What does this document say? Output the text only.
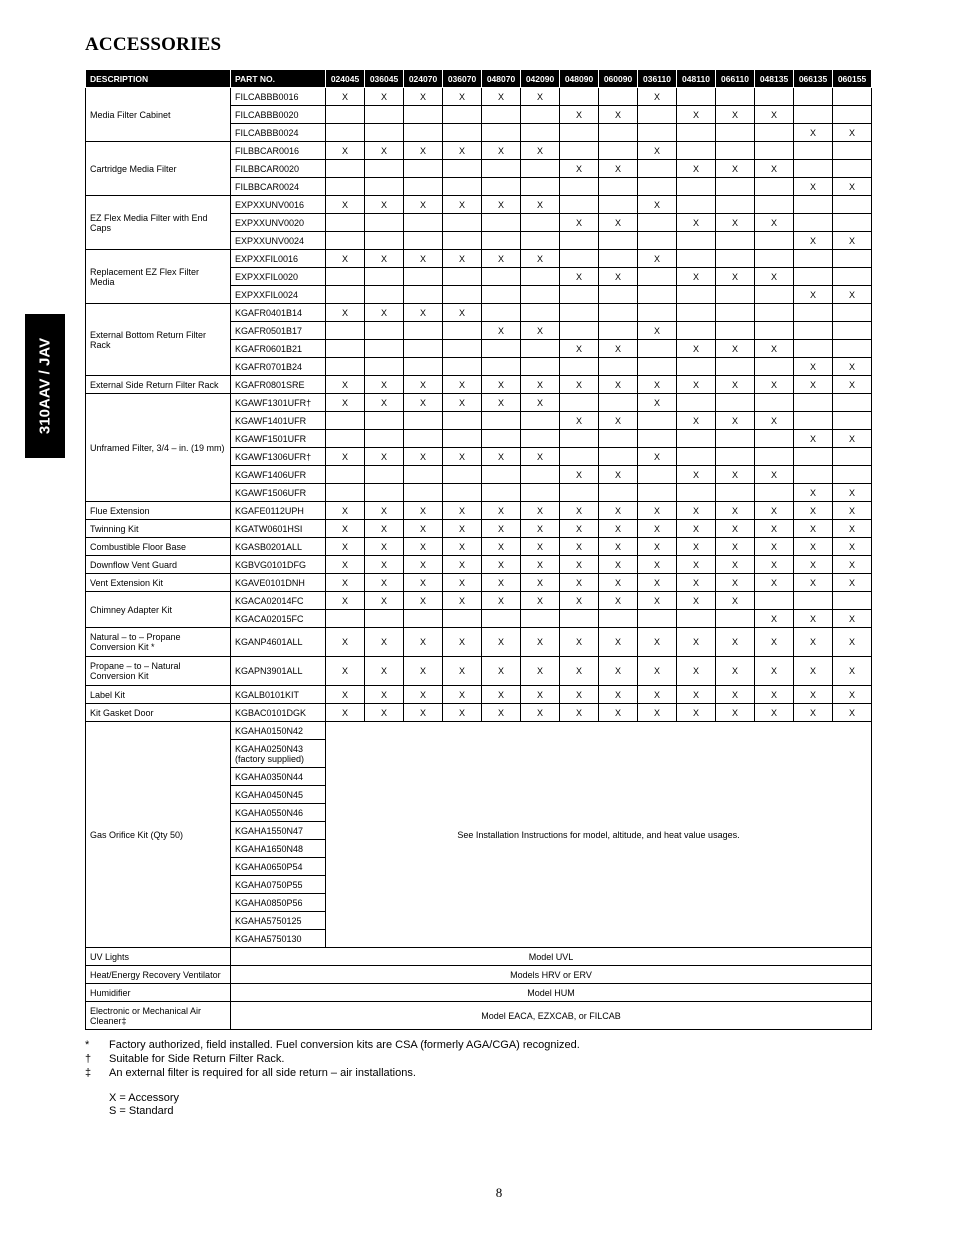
ACCESSORIES
310AAV / JAV
DESCRIPTION	PART NO.	024045	036045	024070	036070	048070	042090	048090	060090	036110	048110	066110	048135	066135	060155
Media Filter Cabinet	FILCABBB0016	X	X	X	X	X	X			X					
	FILCABBB0020							X	X		X	X	X		
	FILCABBB0024													X	X
Cartridge Media Filter	FILBBCAR0016	X	X	X	X	X	X			X					
	FILBBCAR0020							X	X		X	X	X		
	FILBBCAR0024													X	X
EZ Flex Media Filter with End Caps	EXPXXUNV0016	X	X	X	X	X	X			X					
	EXPXXUNV0020							X	X		X	X	X		
	EXPXXUNV0024													X	X
Replacement EZ Flex Filter Media	EXPXXFIL0016	X	X	X	X	X	X			X					
	EXPXXFIL0020							X	X		X	X	X		
	EXPXXFIL0024													X	X
External Bottom Return Filter Rack	KGAFR0401B14	X	X	X	X										
	KGAFR0501B17					X	X			X					
	KGAFR0601B21							X	X		X	X	X		
	KGAFR0701B24													X	X
External Side Return Filter Rack	KGAFR0801SRE	X	X	X	X	X	X	X	X	X	X	X	X	X	X
Unframed Filter, 3/4 – in. (19 mm)	KGAWF1301UFR†	X	X	X	X	X	X			X					
	KGAWF1401UFR							X	X		X	X	X		
	KGAWF1501UFR													X	X
	KGAWF1306UFR†	X	X	X	X	X	X			X					
	KGAWF1406UFR							X	X		X	X	X		
	KGAWF1506UFR													X	X
Flue Extension	KGAFE0112UPH	X	X	X	X	X	X	X	X	X	X	X	X	X	X
Twinning Kit	KGATW0601HSI	X	X	X	X	X	X	X	X	X	X	X	X	X	X
Combustible Floor Base	KGASB0201ALL	X	X	X	X	X	X	X	X	X	X	X	X	X	X
Downflow Vent Guard	KGBVG0101DFG	X	X	X	X	X	X	X	X	X	X	X	X	X	X
Vent Extension Kit	KGAVE0101DNH	X	X	X	X	X	X	X	X	X	X	X	X	X	X
Chimney Adapter Kit	KGACA02014FC	X	X	X	X	X	X	X	X	X	X	X			
	KGACA02015FC												X	X	X
Natural – to – Propane Conversion Kit *	KGANP4601ALL	X	X	X	X	X	X	X	X	X	X	X	X	X	X
Propane – to – Natural Conversion Kit	KGAPN3901ALL	X	X	X	X	X	X	X	X	X	X	X	X	X	X
Label Kit	KGALB0101KIT	X	X	X	X	X	X	X	X	X	X	X	X	X	X
Kit Gasket Door	KGBAC0101DGK	X	X	X	X	X	X	X	X	X	X	X	X	X	X
Gas Orifice Kit (Qty 50)	KGAHA0150N42	See Installation Instructions for model, altitude, and heat value usages.													
	KGAHA0250N43 (factory supplied)														
	KGAHA0350N44														
	KGAHA0450N45														
	KGAHA0550N46														
	KGAHA1550N47														
	KGAHA1650N48														
	KGAHA0650P54														
	KGAHA0750P55														
	KGAHA0850P56														
	KGAHA5750125														
	KGAHA5750130														
UV Lights	Model UVL														
Heat/Energy Recovery Ventilator	Models HRV or ERV														
Humidifier	Model HUM														
Electronic or Mechanical Air Cleaner‡	Model EACA, EZXCAB, or FILCAB														
*	Factory authorized, field installed. Fuel conversion kits are CSA (formerly AGA/CGA) recognized.
†	Suitable for Side Return Filter Rack.
‡	An external filter is required for all side return – air installations.
X = Accessory
S = Standard
8
